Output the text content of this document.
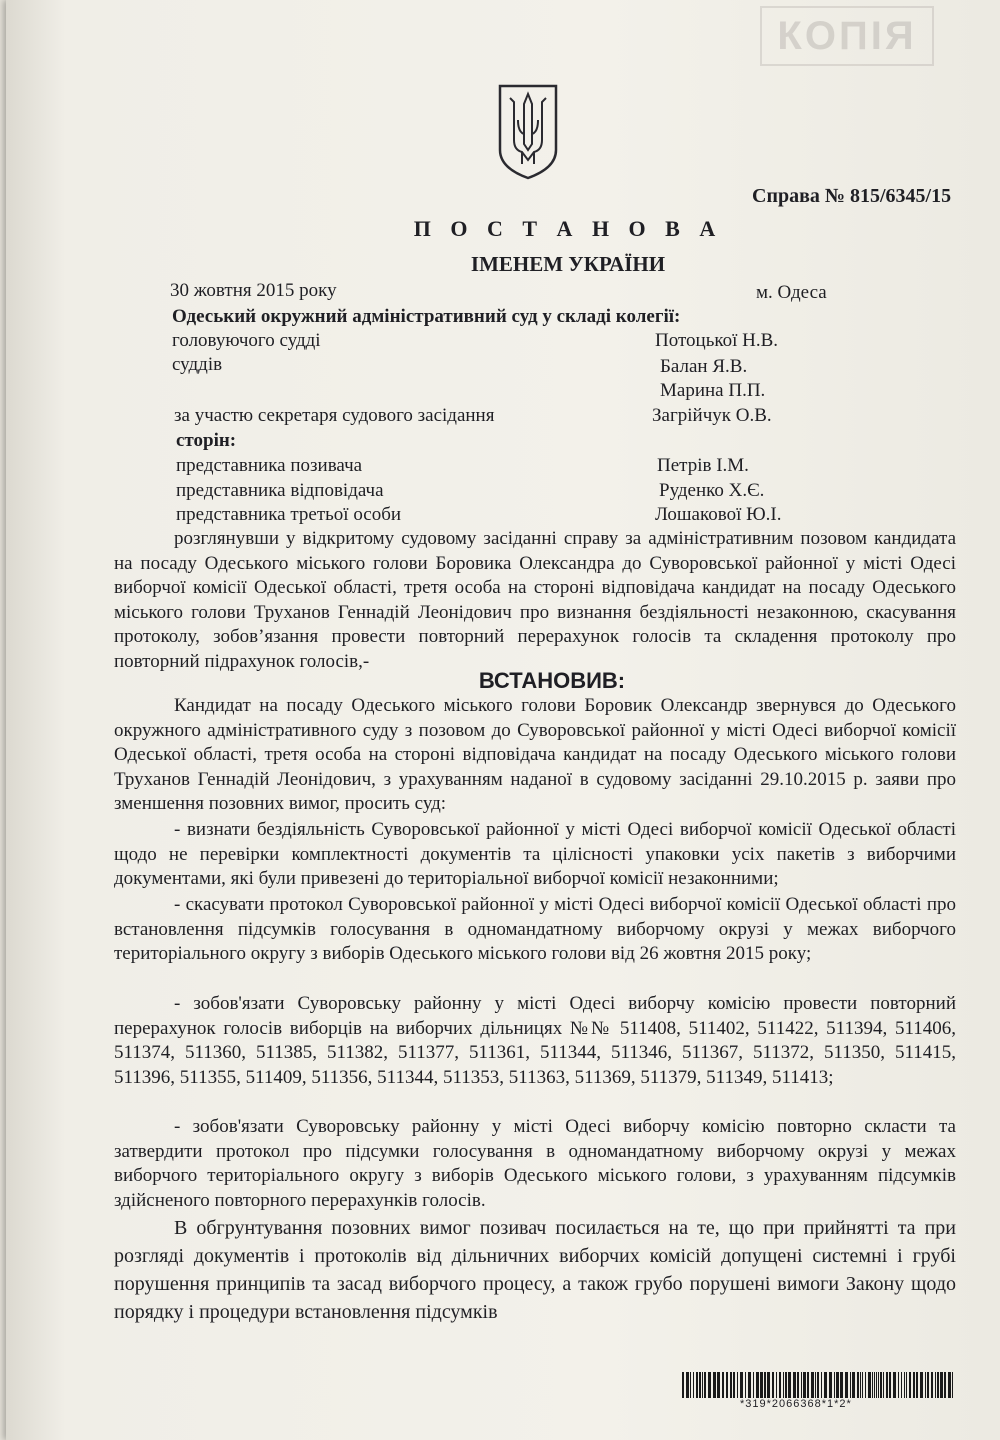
КОПІЯ
Справа № 815/6345/15
П О С Т А Н О В А
ІМЕНЕМ УКРАЇНИ
30 жовтня 2015 року	м. Одеса
Одеський окружний адміністративний суд у складі колегії:
головуючого судді	Потоцької Н.В.
суддів	Балан Я.В.
Марина П.П.
за участю секретаря судового засідання	Загрійчук О.В.
сторін:
представника позивача	Петрів І.М.
представника відповідача	Руденко Х.Є.
представника третьої особи	Лошакової Ю.І.
розглянувши у відкритому судовому засіданні справу за адміністративним позовом кандидата на посаду Одеського міського голови Боровика Олександра до Суворовської районної у місті Одесі виборчої комісії Одеської області, третя особа на стороні відповідача кандидат на посаду Одеського міського голови Труханов Геннадій Леонідович про визнання бездіяльності незаконною, скасування протоколу, зобов’язання провести повторний перерахунок голосів та складення протоколу про повторний підрахунок голосів,-
ВСТАНОВИВ:
Кандидат на посаду Одеського міського голови Боровик Олександр звернувся до Одеського окружного адміністративного суду з позовом до Суворовської районної у місті Одесі виборчої комісії Одеської області, третя особа на стороні відповідача кандидат на посаду Одеського міського голови Труханов Геннадій Леонідович, з урахуванням наданої в судовому засіданні 29.10.2015 р. заяви про зменшення позовних вимог, просить суд:
- визнати бездіяльність Суворовської районної у місті Одесі виборчої комісії Одеської області щодо не перевірки комплектності документів та цілісності упаковки усіх пакетів з виборчими документами, які були привезені до територіальної виборчої комісії незаконними;
- скасувати протокол Суворовської районної у місті Одесі виборчої комісії Одеської області про встановлення підсумків голосування в одномандатному виборчому окрузі у межах виборчого територіального округу з виборів Одеського міського голови від 26 жовтня 2015 року;
- зобов'язати Суворовську районну у місті Одесі виборчу комісію провести повторний перерахунок голосів виборців на виборчих дільницях №№ 511408, 511402, 511422, 511394, 511406, 511374, 511360, 511385, 511382, 511377, 511361, 511344, 511346, 511367, 511372, 511350, 511415, 511396, 511355, 511409, 511356, 511344, 511353, 511363, 511369, 511379, 511349, 511413;
- зобов'язати Суворовську районну у місті Одесі виборчу комісію повторно скласти та затвердити протокол про підсумки голосування в одномандатному виборчому окрузі у межах виборчого територіального округу з виборів Одеського міського голови, з урахуванням підсумків здійсненого повторного перерахунків голосів.
В обгрунтування позовних вимог позивач посилається на те, що при прийнятті та при розгляді документів і протоколів від дільничних виборчих комісій допущені системні і грубі порушення принципів та засад виборчого процесу, а також грубо порушені вимоги Закону щодо порядку і процедури встановлення підсумків
*319*2066368*1*2*
